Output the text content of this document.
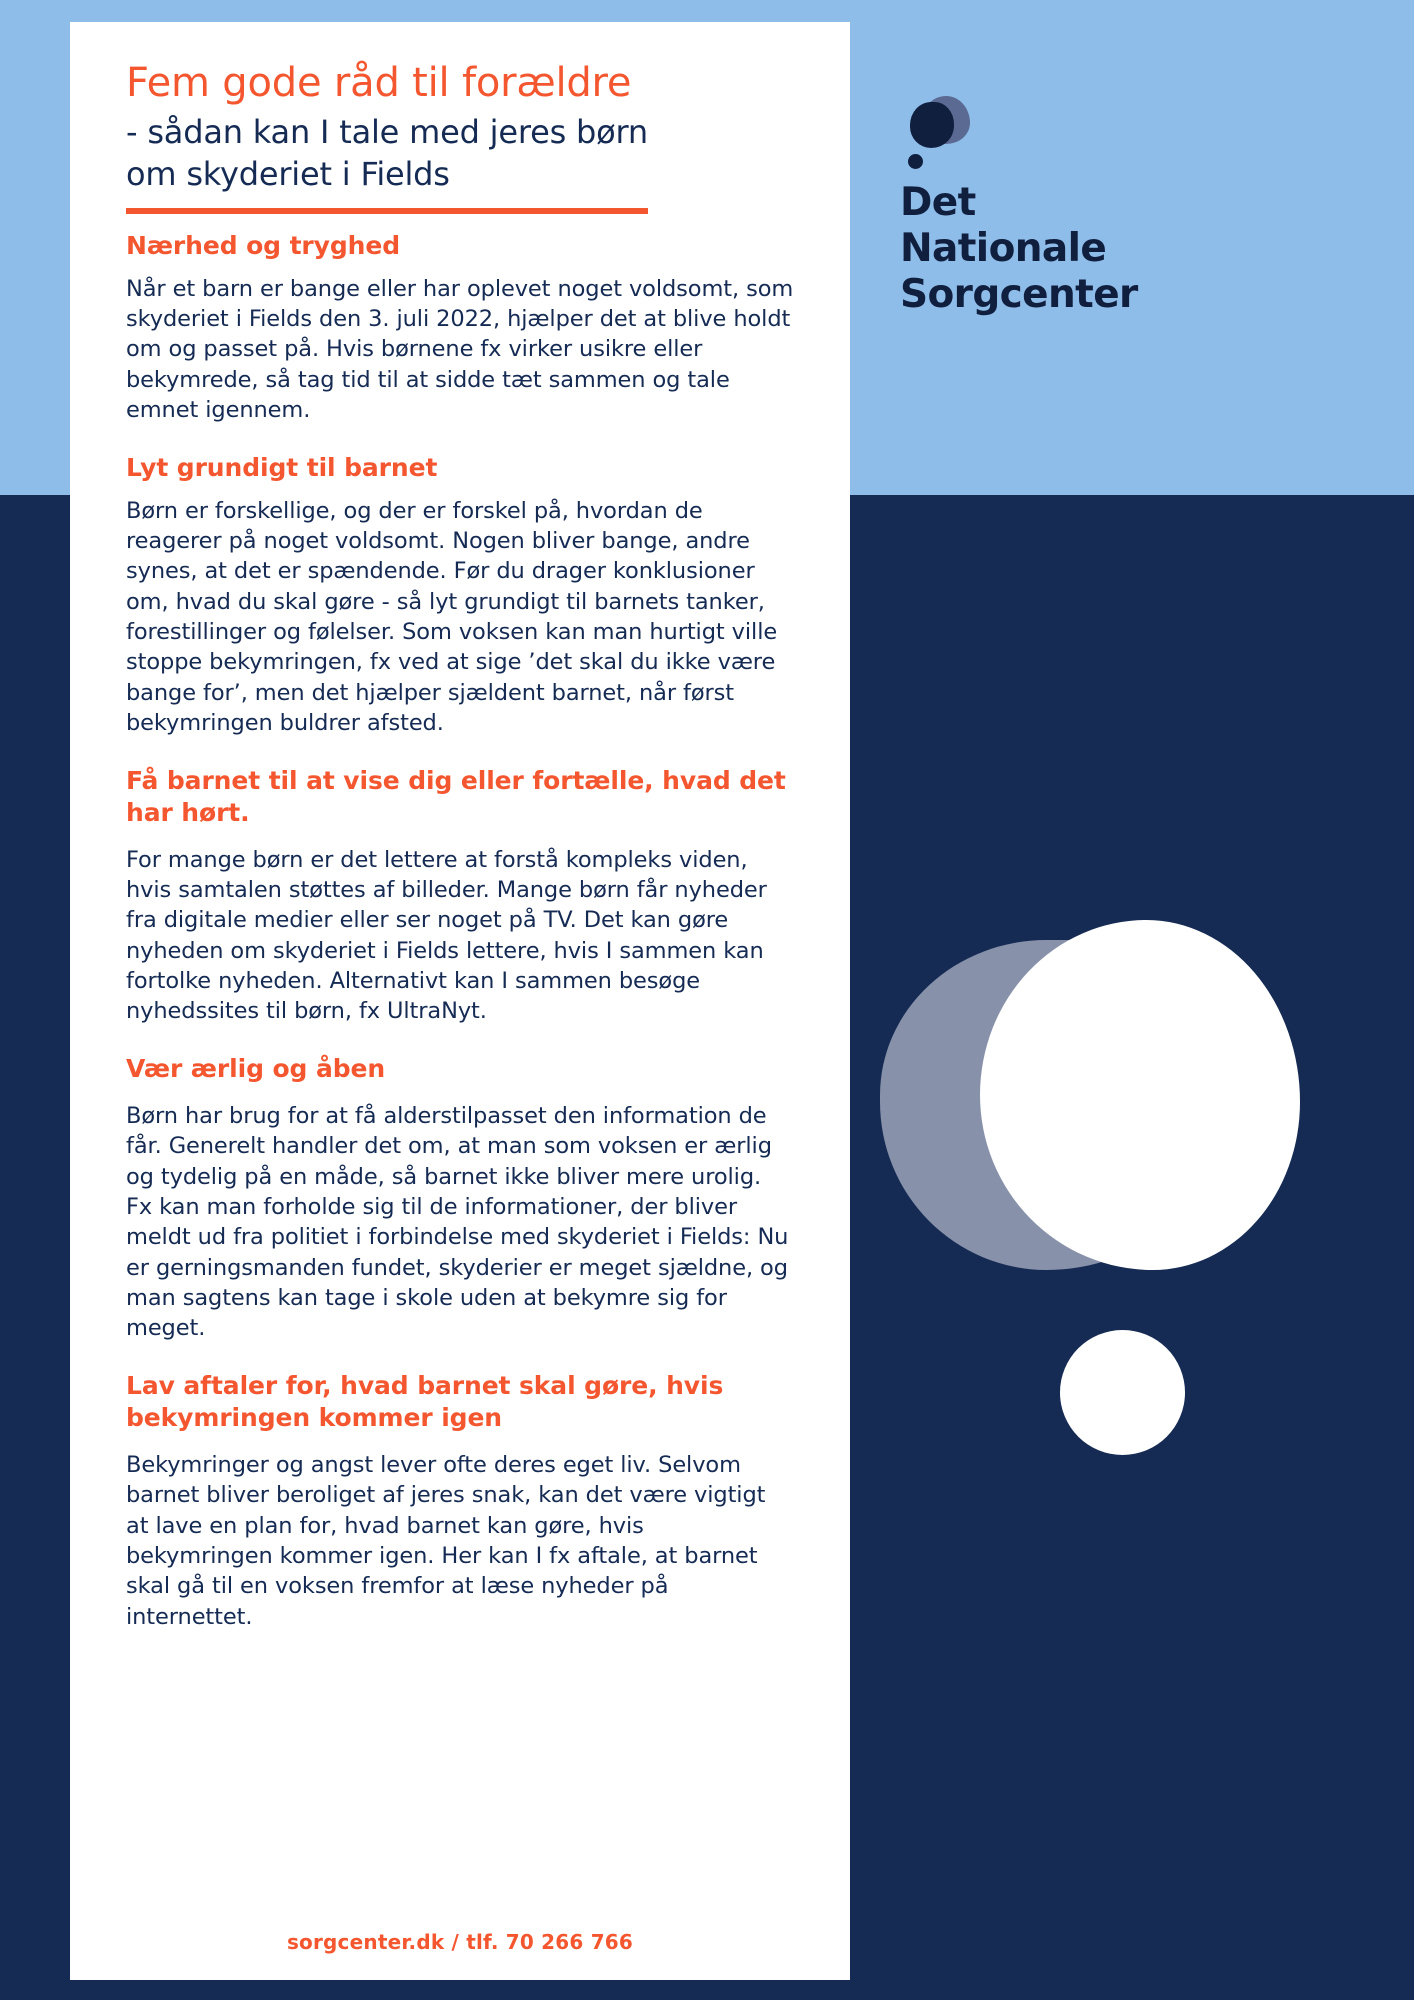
Det
Nationale
Sorgcenter
Fem gode råd til forældre

- sådan kan I tale med jeres børn

om skyderiet i Fields

Nærhed og tryghed

Når et barn er bange eller har oplevet noget voldsomt, som skyderiet i Fields den 3. juli 2022, hjælper det at blive holdt om og passet på. Hvis børnene fx virker usikre eller bekymrede, så tag tid til at sidde tæt sammen og tale emnet igennem.

Lyt grundigt til barnet

Børn er forskellige, og der er forskel på, hvordan de reagerer på noget voldsomt. Nogen bliver bange, andre synes, at det er spændende. Før du drager konklusioner om, hvad du skal gøre - så lyt grundigt til barnets tanker, forestillinger og følelser. Som voksen kan man hurtigt ville stoppe bekymringen, fx ved at sige ’det skal du ikke være bange for’, men det hjælper sjældent barnet, når først bekymringen buldrer afsted.

Få barnet til at vise dig eller fortælle, hvad det har hørt.

For mange børn er det lettere at forstå kompleks viden, hvis samtalen støttes af billeder. Mange børn får nyheder fra digitale medier eller ser noget på TV. Det kan gøre nyheden om skyderiet i Fields lettere, hvis I sammen kan fortolke nyheden. Alternativt kan I sammen besøge nyhedssites til børn, fx UltraNyt.

Vær ærlig og åben

Børn har brug for at få alderstilpasset den information de får. Generelt handler det om, at man som voksen er ærlig og tydelig på en måde, så barnet ikke bliver mere urolig. Fx kan man forholde sig til de informationer, der bliver meldt ud fra politiet i forbindelse med skyderiet i Fields: Nu er gerningsmanden fundet, skyderier er meget sjældne, og man sagtens kan tage i skole uden at bekymre sig for meget.

Lav aftaler for, hvad barnet skal gøre, hvis bekymringen kommer igen

Bekymringer og angst lever ofte deres eget liv. Selvom barnet bliver beroliget af jeres snak, kan det være vigtigt at lave en plan for, hvad barnet kan gøre, hvis bekymringen kommer igen. Her kan I fx aftale, at barnet skal gå til en voksen fremfor at læse nyheder på internettet.

sorgcenter.dk / tlf. 70 266 766
